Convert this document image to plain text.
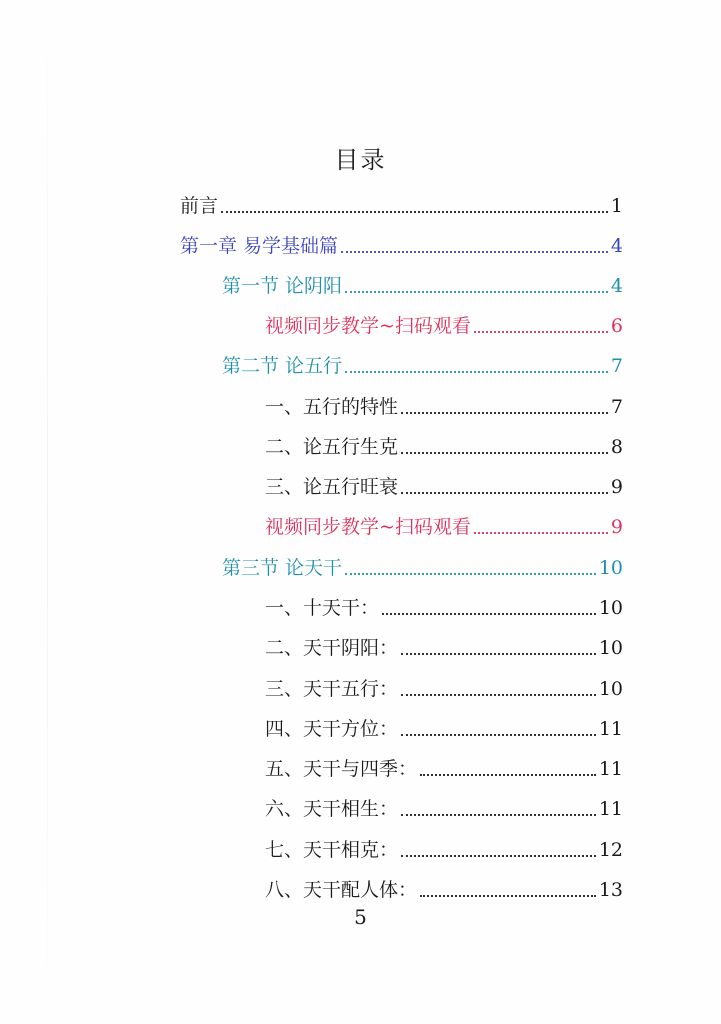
目录
前言	1
第一章 易学基础篇	4
第一节 论阴阳	4
视频同步教学~扫码观看	6
第二节 论五行	7
一、五行的特性	7
二、论五行生克	8
三、论五行旺衰	9
视频同步教学~扫码观看	9
第三节 论天干	10
一、十天干：	10
二、天干阴阳：	10
三、天干五行：	10
四、天干方位：	11
五、天干与四季：	11
六、天干相生：	11
七、天干相克：	12
八、天干配人体：	13
5
